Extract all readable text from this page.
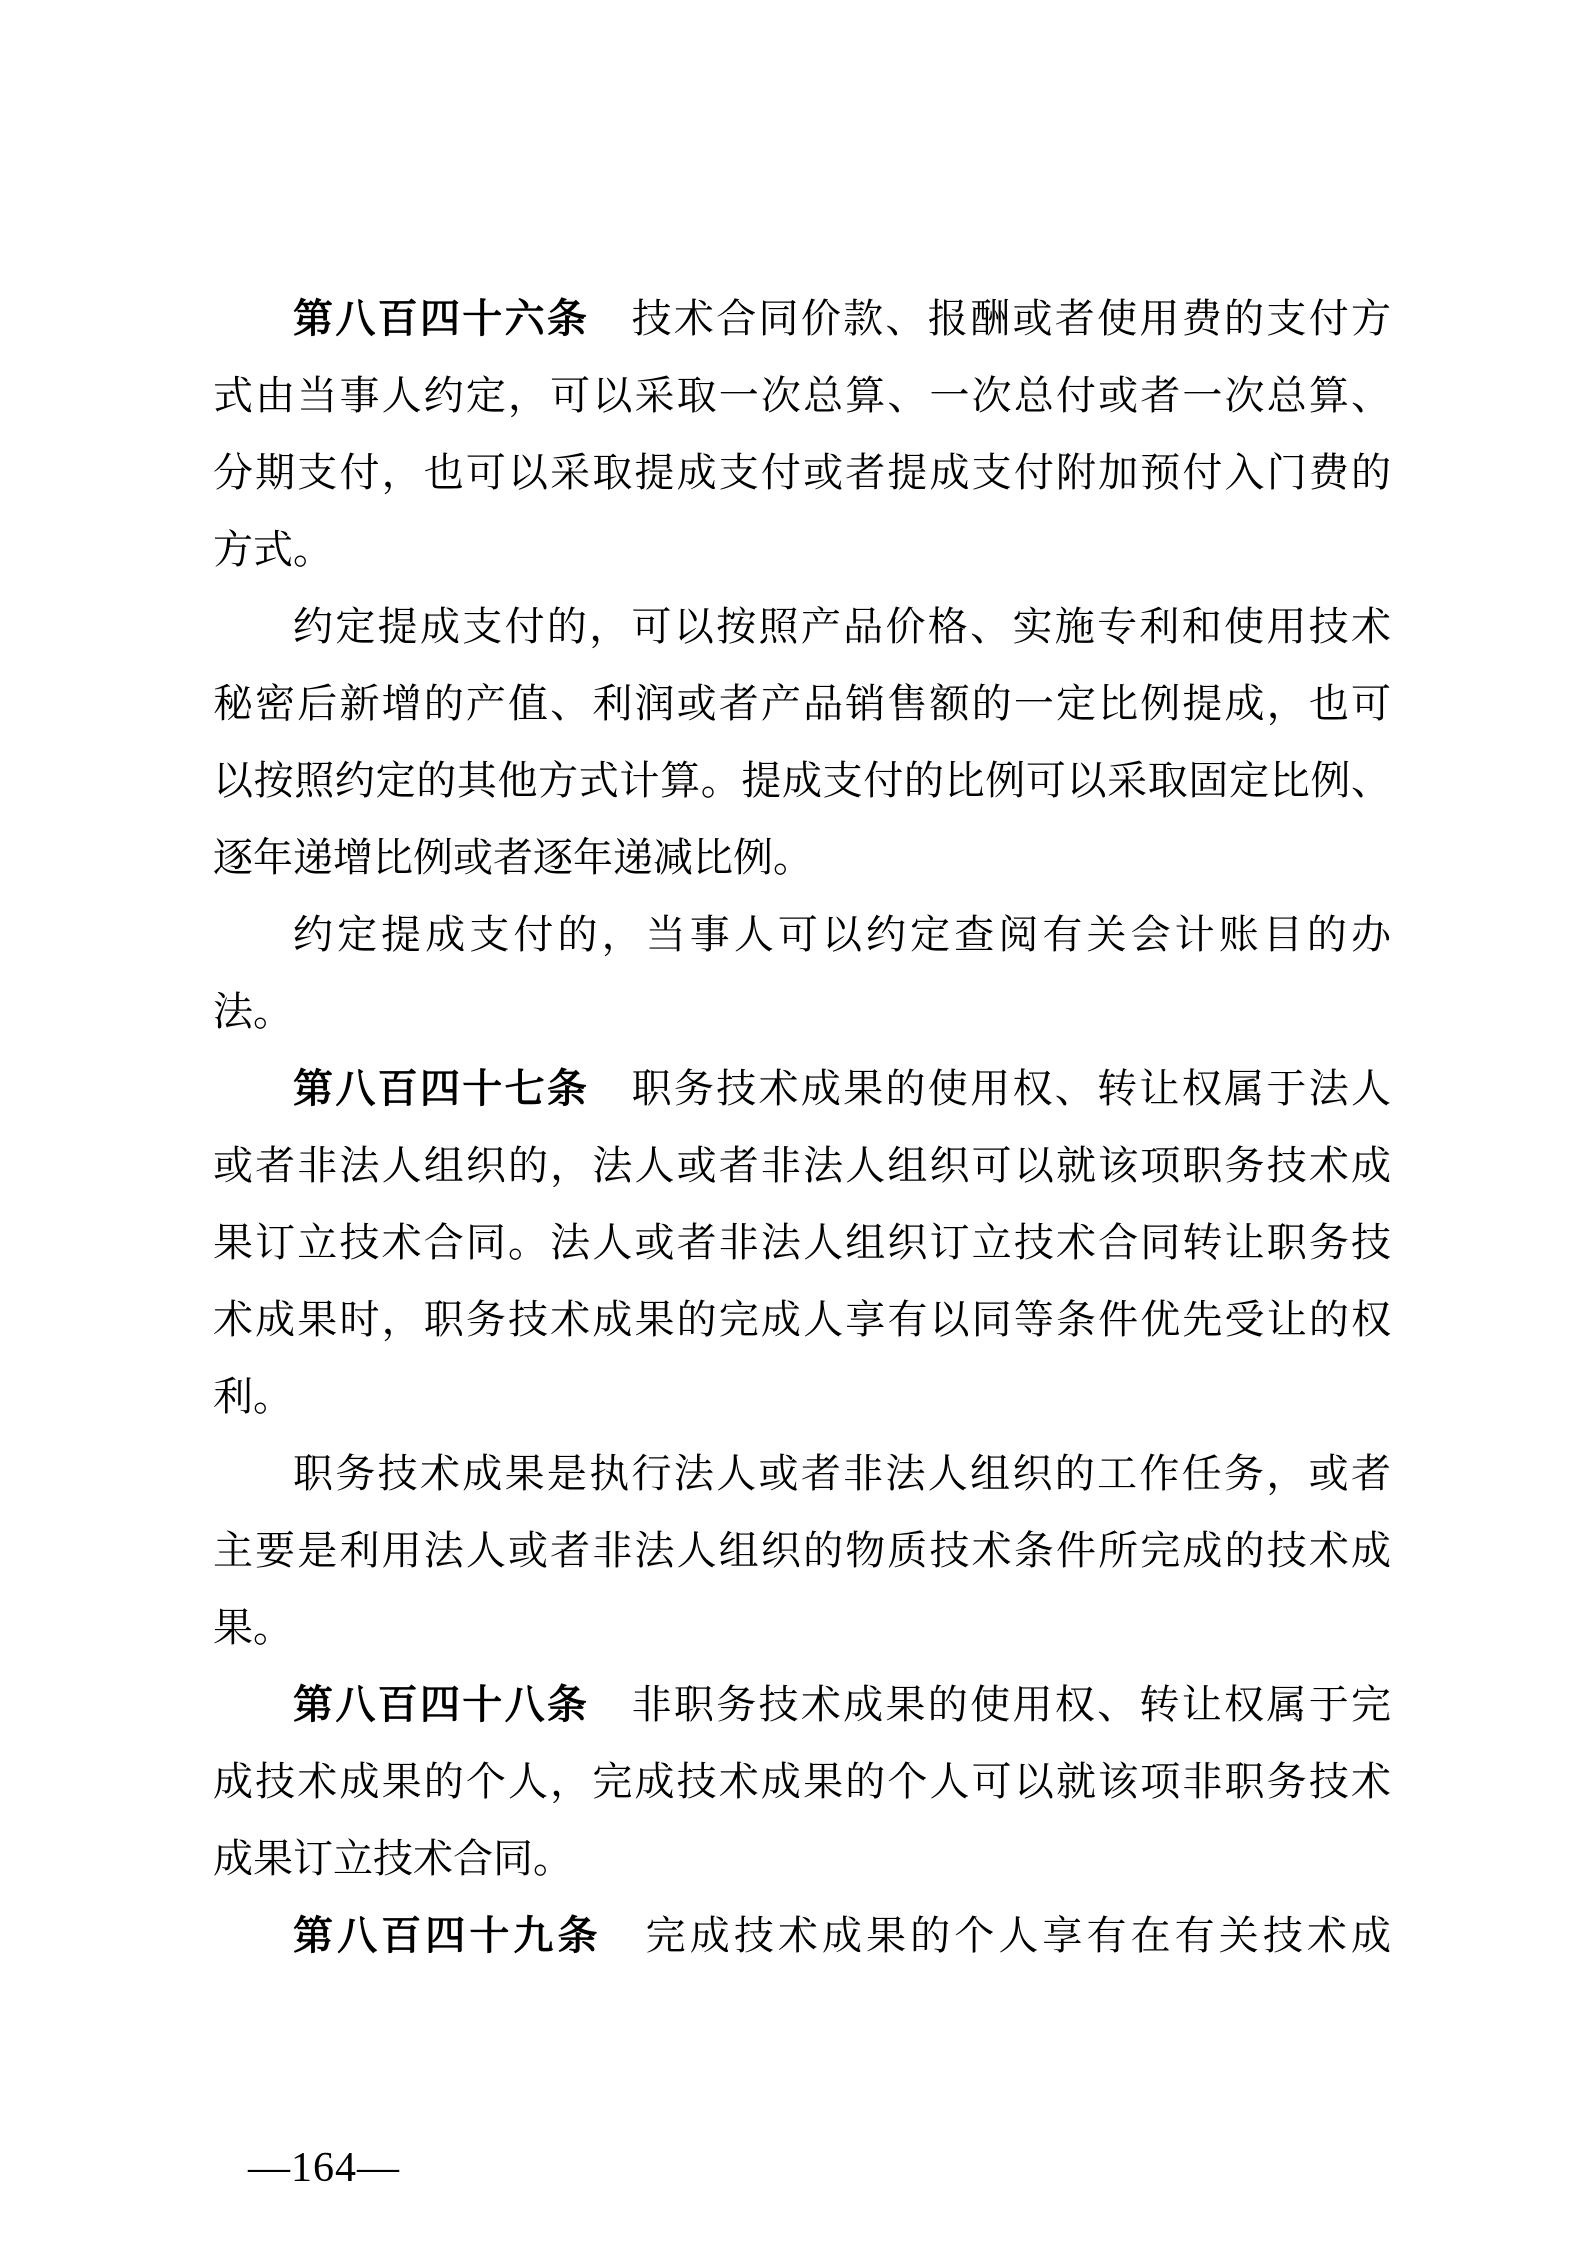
第八百四十六条 技术合同价款、报酬或者使用费的支付方
式由当事人约定，可以采取一次总算、一次总付或者一次总算、
分期支付，也可以采取提成支付或者提成支付附加预付入门费的
方式。
约定提成支付的，可以按照产品价格、实施专利和使用技术
秘密后新增的产值、利润或者产品销售额的一定比例提成，也可
以按照约定的其他方式计算。提成支付的比例可以采取固定比例、
逐年递增比例或者逐年递减比例。
约定提成支付的，当事人可以约定查阅有关会计账目的办
法。
第八百四十七条 职务技术成果的使用权、转让权属于法人
或者非法人组织的，法人或者非法人组织可以就该项职务技术成
果订立技术合同。法人或者非法人组织订立技术合同转让职务技
术成果时，职务技术成果的完成人享有以同等条件优先受让的权
利。
职务技术成果是执行法人或者非法人组织的工作任务，或者
主要是利用法人或者非法人组织的物质技术条件所完成的技术成
果。
第八百四十八条 非职务技术成果的使用权、转让权属于完
成技术成果的个人，完成技术成果的个人可以就该项非职务技术
成果订立技术合同。
第八百四十九条 完成技术成果的个人享有在有关技术成
—164—
